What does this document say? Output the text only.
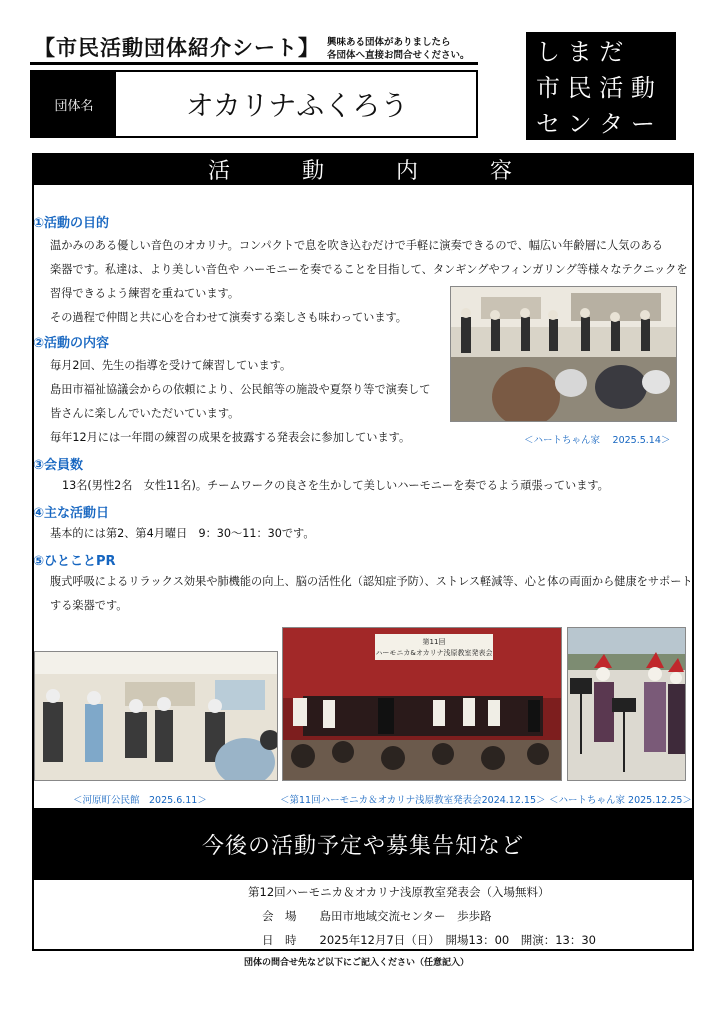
【市民活動団体紹介シート】 興味ある団体がありましたら
各団体へ直接お問合せください。
団体名	オカリナふくろう
し ま だ
市 民 活 動
セ ン タ ー
活	動	内	容
①活動の目的
温かみのある優しい音色のオカリナ。コンパクトで息を吹き込むだけで手軽に演奏できるので、幅広い年齢層に人気のある
楽器です。私達は、より美しい音色や ハーモニーを奏でることを目指して、タンギングやフィンガリング等様々なテクニックを
習得できるよう練習を重ねています。
その過程で仲間と共に心を合わせて演奏する楽しさも味わっています。
②活動の内容
毎月2回、先生の指導を受けて練習しています。
島田市福祉協議会からの依頼により、公民館等の施設や夏祭り等で演奏して
皆さんに楽しんでいただいています。
毎年12月には一年間の練習の成果を披露する発表会に参加しています。	＜ハートちゃん家　 2025.5.14＞
③会員数
13名(男性2名　女性11名)。チームワークの良さを生かして美しいハーモニーを奏でるよう頑張っています。
④主な活動日
基本的には第2、第4月曜日　9：30～11：30です。
⑤ひとことPR
腹式呼吸によるリラックス効果や肺機能の向上、脳の活性化（認知症予防）、ストレス軽減等、心と体の両面から健康をサポート
する楽器です。
第11回
ハーモニカ&オカリナ浅原教室発表会
＜河原町公民館　2025.6.11＞	＜第11回ハーモニカ＆オカリナ浅原教室発表会2024.12.15＞ ＜ハートちゃん家 2025.12.25＞
今後の活動予定や募集告知など
第12回ハーモニカ＆オカリナ浅原教室発表会（入場無料）
会　場　　島田市地域交流センター　歩歩路
日　時　　2025年12月7日（日）　開場13：00　開演：13：30
団体の問合せ先など以下にご記入ください（任意記入）
